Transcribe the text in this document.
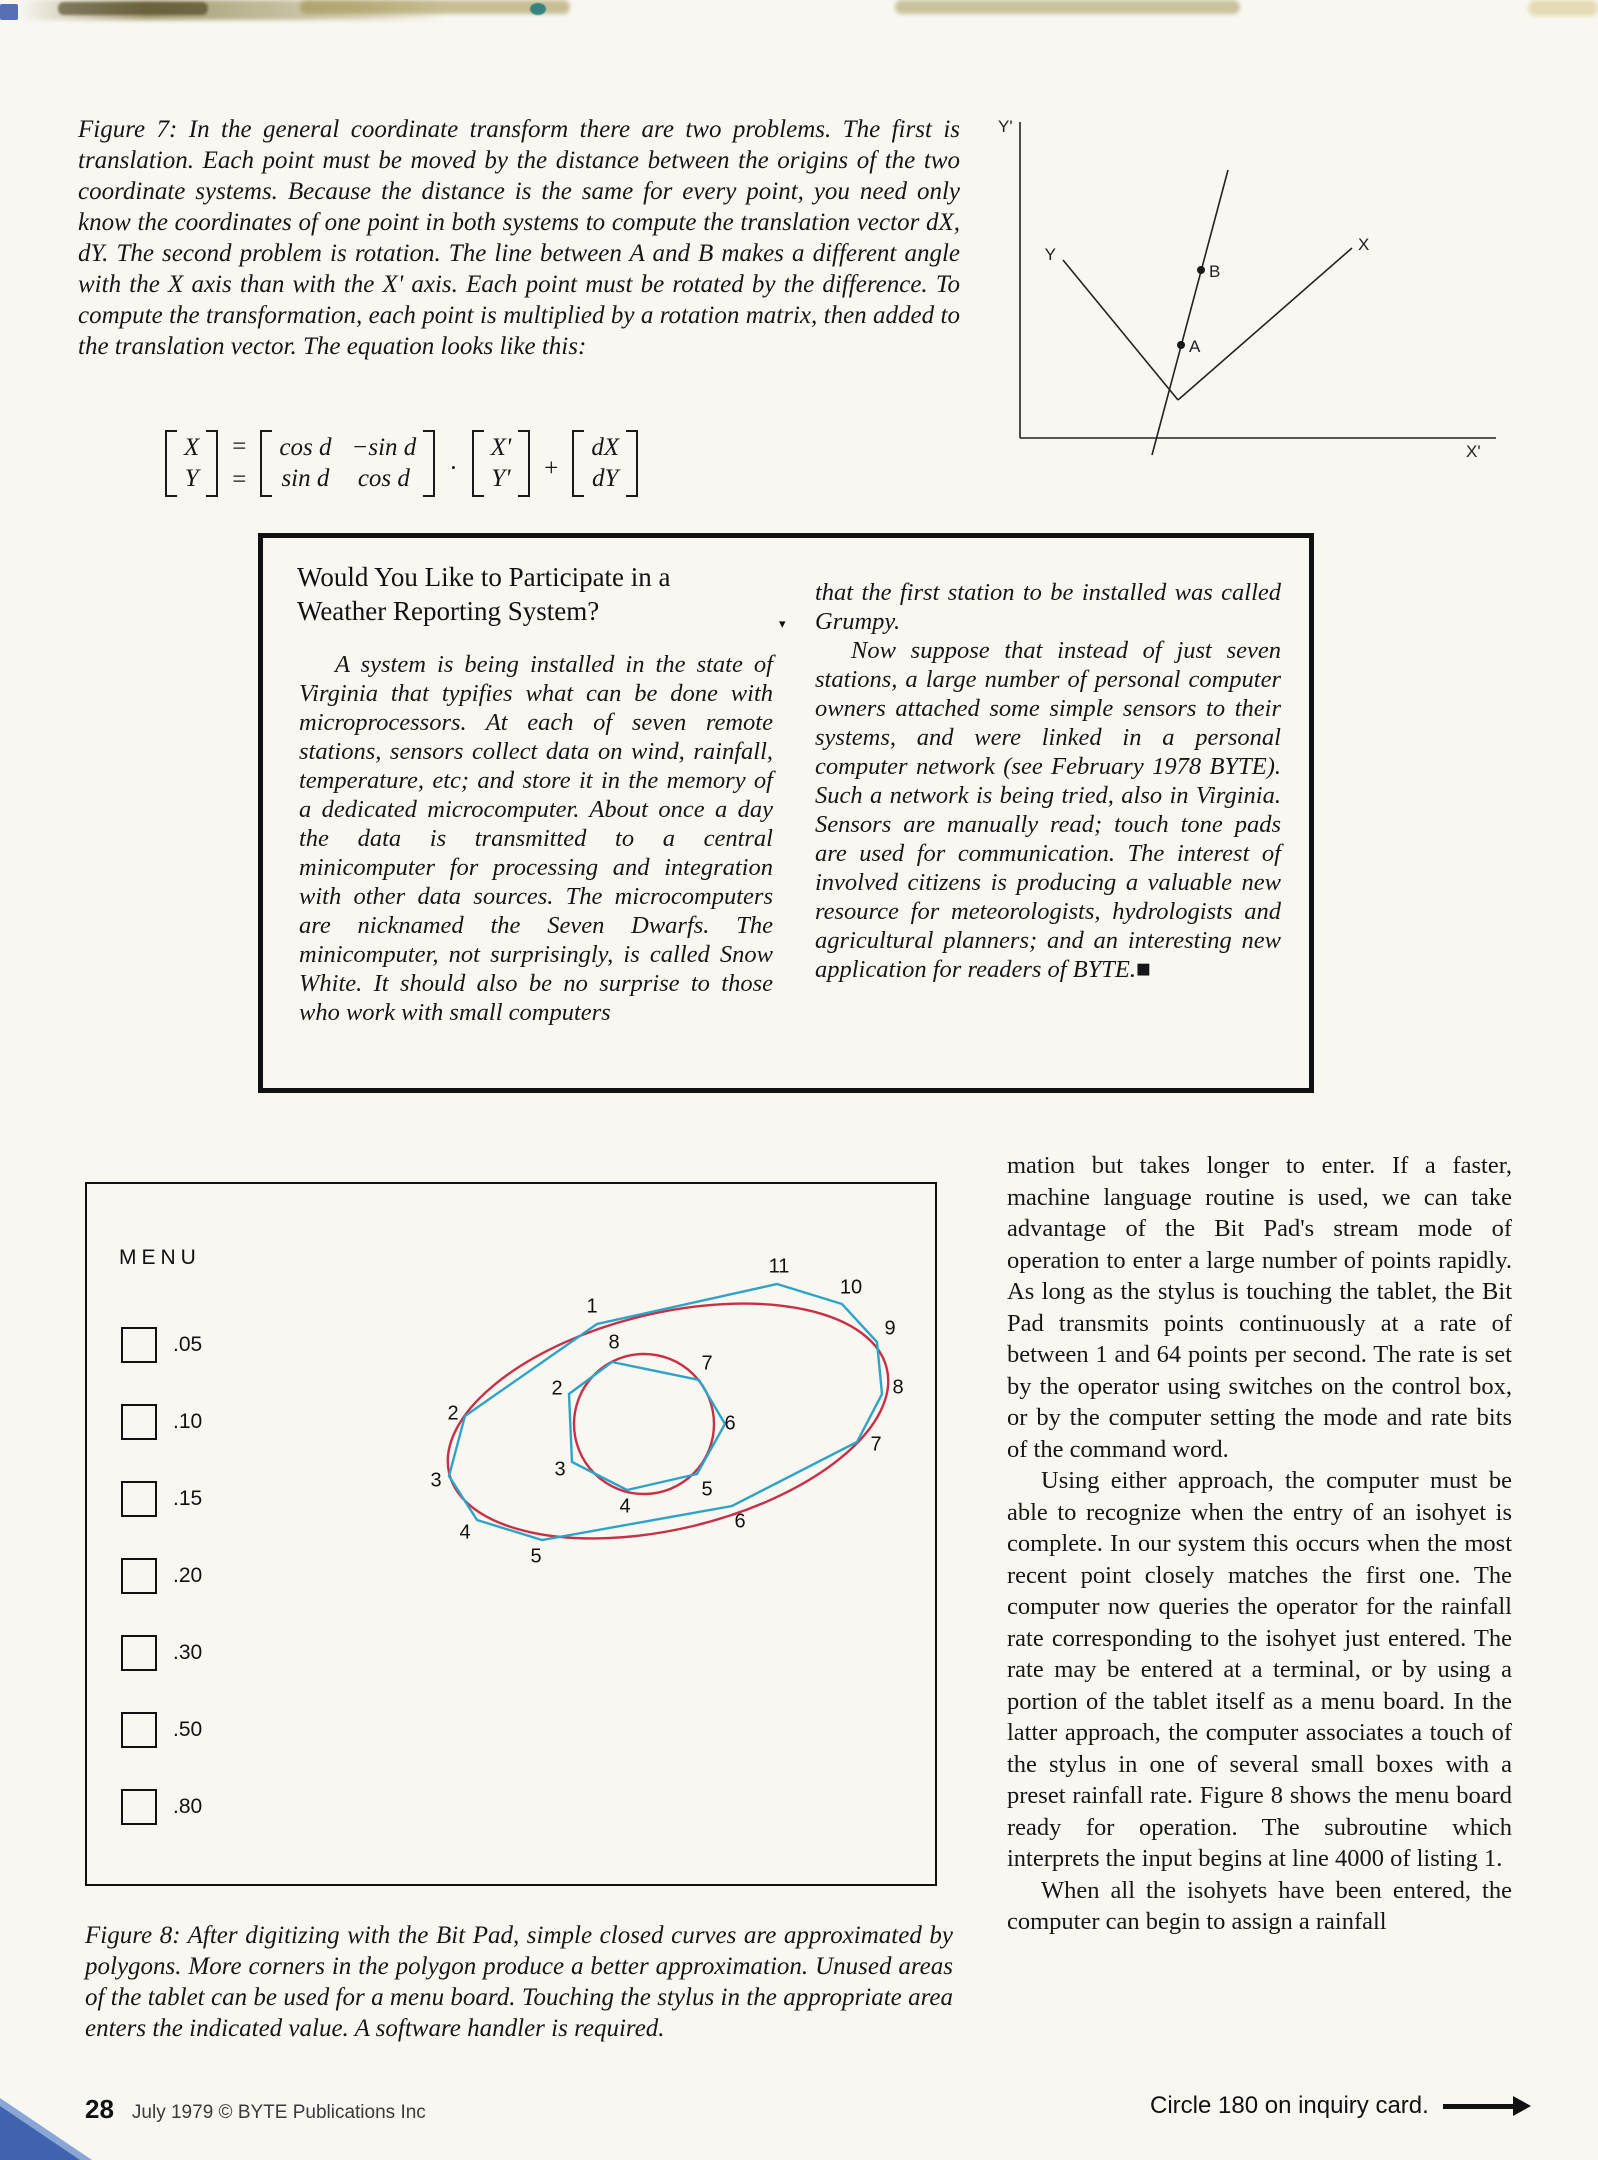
Figure 7: In the general coordinate transform there are two problems. The first is translation. Each point must be moved by the distance between the origins of the two coordinate systems. Because the distance is the same for every point, you need only know the coordinates of one point in both systems to compute the translation vector dX, dY. The second problem is rotation. The line between A and B makes a different angle with the X axis than with the X' axis. Each point must be rotated by the difference. To compute the transformation, each point is multiplied by a rotation matrix, then added to the translation vector. The equation looks like this:

Y'
X'
Y
X
B
A
X
Y
=
=
cos d −sin d
sin d cos d ·
X'
Y' +
dX
dY
Would You Like to Participate in a
Weather Reporting System?	▾

A system is being installed in the state of Virginia that typifies what can be done with microprocessors. At each of seven remote stations, sensors collect data on wind, rainfall, temperature, etc; and store it in the memory of a dedicated microcomputer. About once a day the data is transmitted to a central minicomputer for processing and integration with other data sources. The microcomputers are nicknamed the Seven Dwarfs. The minicomputer, not surprisingly, is called Snow White. It should also be no surprise to those who work with small computers

that the first station to be installed was called Grumpy.

Now suppose that instead of just seven stations, a large number of personal computer owners attached some simple sensors to their systems, and were linked in a personal computer network (see February 1978 BYTE). Such a network is being tried, also in Virginia. Sensors are manually read; touch tone pads are used for communication. The interest of involved citizens is producing a valuable new resource for meteorologists, hydrologists and agricultural planners; and an interesting new application for readers of BYTE.■

MENU
.05
.10
.15
.20
.30
.50
.80
1
2
3
4
5
6
7
8
9
10
11
2
3
4
5
6
7
8

mation but takes longer to enter. If a faster, machine language routine is used, we can take advantage of the Bit Pad's stream mode of operation to enter a large number of points rapidly. As long as the stylus is touching the tablet, the Bit Pad transmits points continuously at a rate of between 1 and 64 points per second. The rate is set by the operator using switches on the control box, or by the computer setting the mode and rate bits of the command word.

Using either approach, the computer must be able to recognize when the entry of an isohyet is complete. In our system this occurs when the most recent point closely matches the first one. The computer now queries the operator for the rainfall rate corresponding to the isohyet just entered. The rate may be entered at a terminal, or by using a portion of the tablet itself as a menu board. In the latter approach, the computer associates a touch of the stylus in one of several small boxes with a preset rainfall rate. Figure 8 shows the menu board ready for operation. The subroutine which interprets the input begins at line 4000 of listing 1.

When all the isohyets have been entered, the computer can begin to assign a rainfall

Figure 8: After digitizing with the Bit Pad, simple closed curves are approximated by polygons. More corners in the polygon produce a better approximation. Unused areas of the tablet can be used for a menu board. Touching the stylus in the appropriate area enters the indicated value. A software handler is required.

28 July 1979 © BYTE Publications Inc	Circle 180 on inquiry card.
